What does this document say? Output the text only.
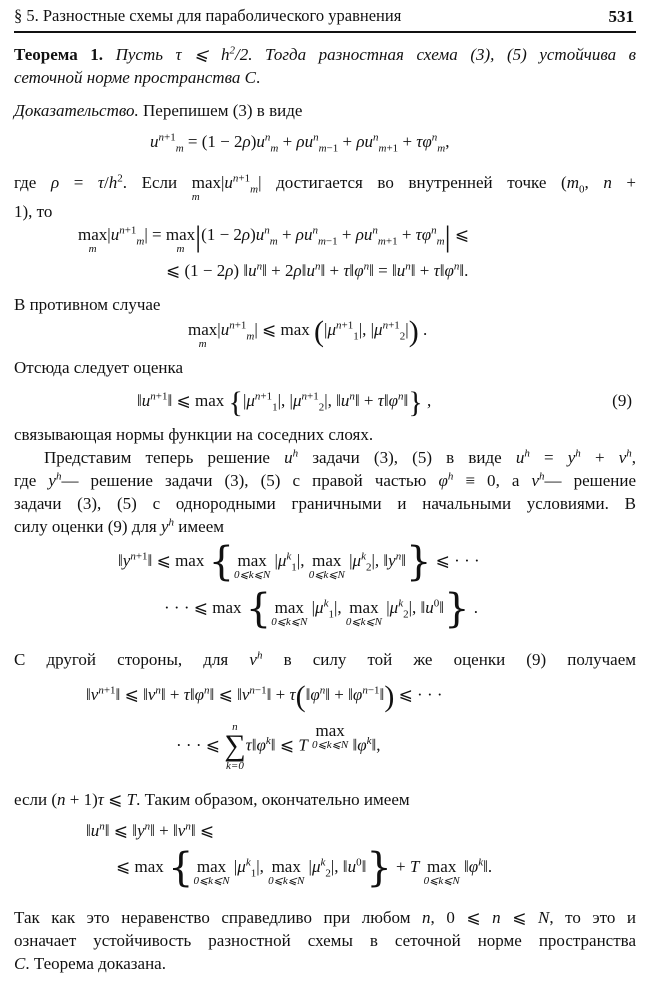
§ 5. Разностные схемы для параболического уравнения	531
Теорема 1. Пусть τ ⩽ $h^2/2$. Тогда разностная схема (3), (5) устойчива в
сеточной норме пространства C.
Доказательство. Перепишем (3) в виде
$u^{n+1}_m = (1 - 2\rho)u^n_m + \rho u^n_{m-1} + \rho u^n_{m+1} + \tau\varphi^n_m$,
где $\rho = \tau/h^2$. Если max
m
$|u^{n+1}_m|$ достигается во внутренней точке ($m_0$, n +
1), то
max
m
$|u^{n+1}_m| = \max$
m $|(1 - 2\rho)u^n_m + \rho u^n_{m-1} + \rho u^n_{m+1} + \tau\varphi^n_m|$ ⩽
⩽ (1 − 2ρ) $‖u^n‖$ + $2\rho‖u^n‖$ + $\tau‖\varphi^n‖$ = $‖u^n‖$ + $\tau‖\varphi^n‖$.
В противном случае
max
m
$|u^{n+1}_m|$ ⩽ $\max (|\mu^{n+1}_1|$, $|\mu^{n+1}_2|$) .
Отсюда следует оценка
$‖u^{n+1}‖$ ⩽ $\max \{|\mu^{n+1}_1|$, $|\mu^{n+1}_2|$, $‖u^n‖$ + $\tau‖\varphi^n‖$} ,	(9)
связывающая нормы функции на соседних слоях.
Представим теперь решение $u^h$ задачи (3), (5) в виде $u^h = y^h + v^h$,
где $y^h—$ решение задачи (3), (5) с правой частью $\varphi^h \equiv 0$, а $v^h—$ решение
задачи (3), (5) с однородными граничными и начальными условиями. В
силу оценки (9) для $y^h$ имеем
$‖y^{n+1}‖$ ⩽ max { max
0⩽k⩽N
$|\mu^k_1|$, max
0⩽k⩽N
$|\mu^k_2|$, $‖y^n‖$} ⩽ · · ·
· · · ⩽ max { max
0⩽k⩽N
$|\mu^k_1|$, max
0⩽k⩽N
$|\mu^k_2|$, $‖u^0‖$} .
С другой стороны, для $v^h$ в силу той же оценки (9) получаем
$‖v^{n+1}‖$ ⩽ $‖v^n‖$ + $\tau‖\varphi^n‖$ ⩽ $‖v^{n-1}‖$ + $\tau(‖\varphi^n‖$ + $‖\varphi^{n-1}‖$) ⩽ · · ·
· · · ⩽
n
∑
k=0
$\tau‖\varphi^k‖$ ⩽ T max
0⩽k⩽N $‖\varphi^k‖$,
если (n + 1)τ ⩽ T. Таким образом, окончательно имеем
$‖u^n‖$ ⩽ $‖y^n‖$ + $‖v^n‖$ ⩽
⩽ max { max
0⩽k⩽N
$|\mu^k_1|$, max
0⩽k⩽N
$|\mu^k_2|$, $‖u^0‖\} + T$ max
0⩽k⩽N
$‖\varphi^k‖$.
Так как это неравенство справедливо при любом n, 0 ⩽ n ⩽ N, то это и
означает устойчивость разностной схемы в сеточной норме пространства
C. Теорема доказана.
